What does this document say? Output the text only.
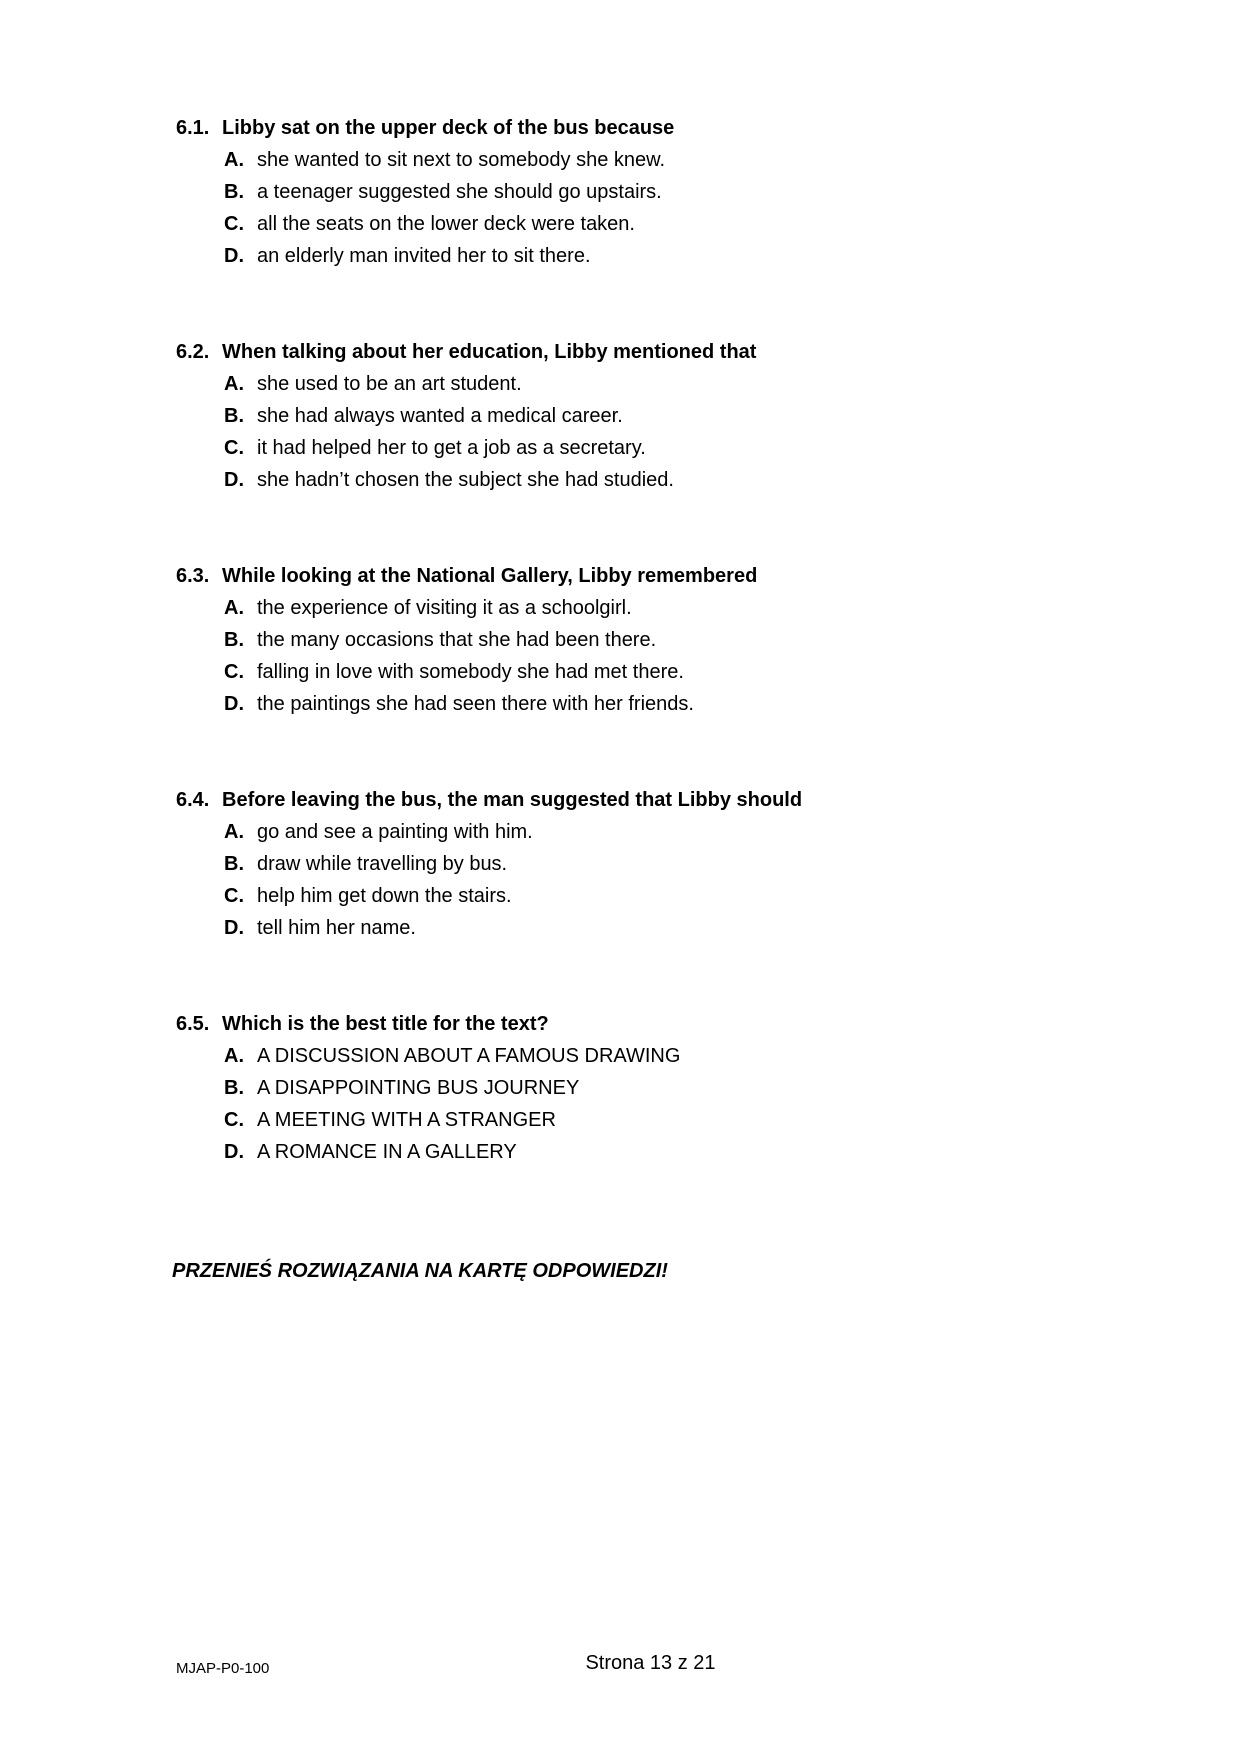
6.1. Libby sat on the upper deck of the bus because
A. she wanted to sit next to somebody she knew.
B. a teenager suggested she should go upstairs.
C. all the seats on the lower deck were taken.
D. an elderly man invited her to sit there.
6.2. When talking about her education, Libby mentioned that
A. she used to be an art student.
B. she had always wanted a medical career.
C. it had helped her to get a job as a secretary.
D. she hadn’t chosen the subject she had studied.
6.3. While looking at the National Gallery, Libby remembered
A. the experience of visiting it as a schoolgirl.
B. the many occasions that she had been there.
C. falling in love with somebody she had met there.
D. the paintings she had seen there with her friends.
6.4. Before leaving the bus, the man suggested that Libby should
A. go and see a painting with him.
B. draw while travelling by bus.
C. help him get down the stairs.
D. tell him her name.
6.5. Which is the best title for the text?
A. A DISCUSSION ABOUT A FAMOUS DRAWING
B. A DISAPPOINTING BUS JOURNEY
C. A MEETING WITH A STRANGER
D. A ROMANCE IN A GALLERY

PRZENIEŚ ROZWIĄZANIA NA KARTĘ ODPOWIEDZI!

MJAP-P0-100	Strona 13 z 21
